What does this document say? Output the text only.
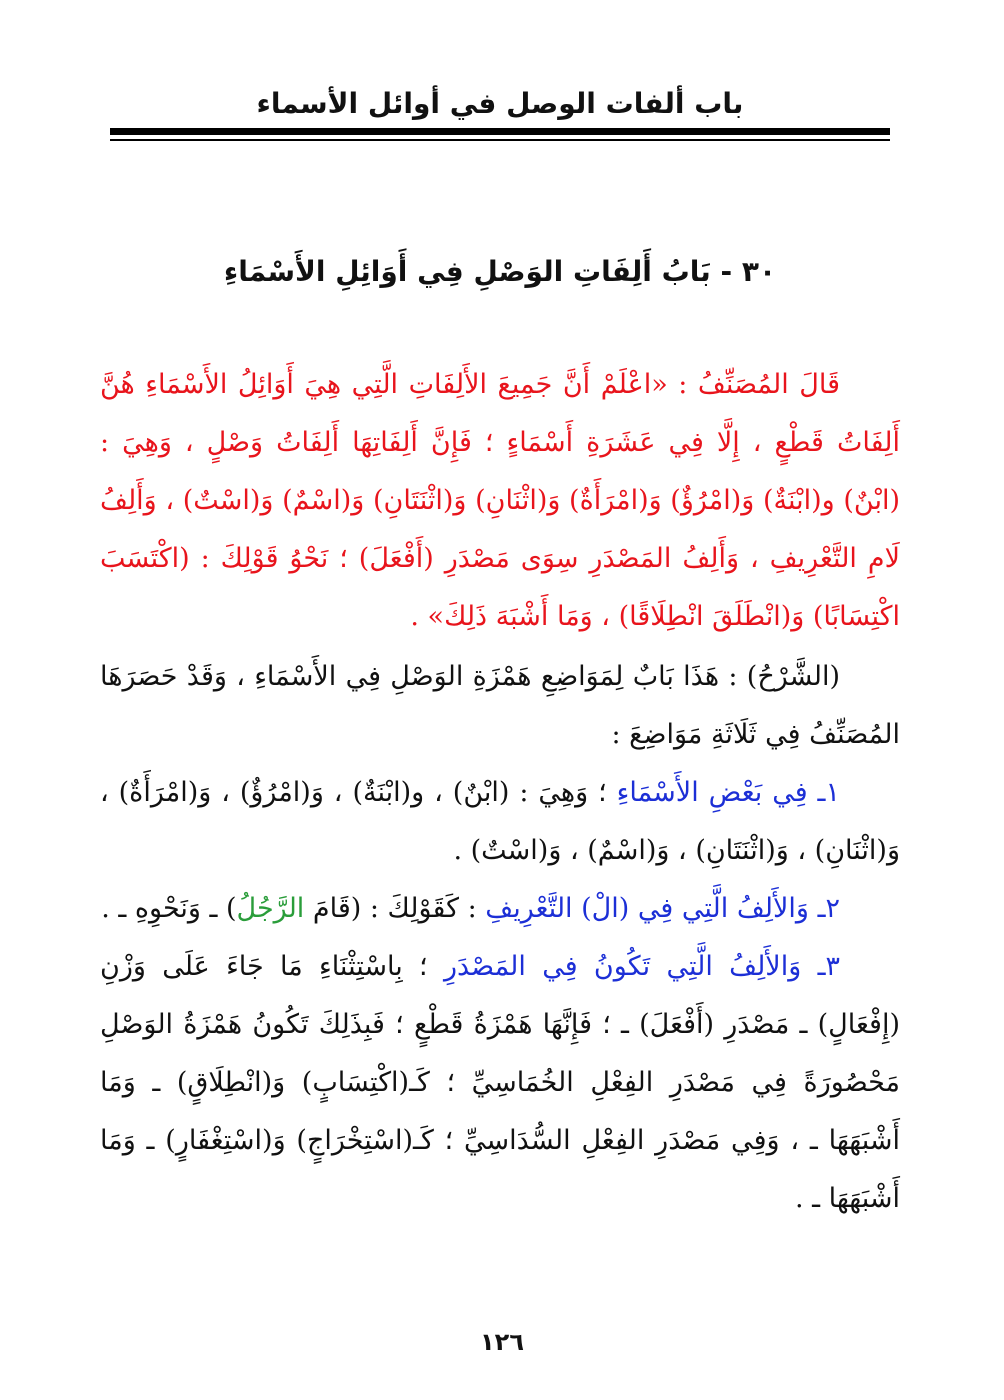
باب ألفات الوصل في أوائل الأسماء
٣٠ - بَابُ أَلِفَاتِ الوَصْلِ فِي أَوَائِلِ الأَسْمَاءِ

قَالَ المُصَنِّفُ : «اعْلَمْ أَنَّ جَمِيعَ الأَلِفَاتِ الَّتِي هِيَ أَوَائِلُ الأَسْمَاءِ هُنَّ أَلِفَاتُ قَطْعٍ ، إِلَّا فِي عَشَرَةِ أَسْمَاءٍ ؛ فَإِنَّ أَلِفَاتِهَا أَلِفَاتُ وَصْلٍ ، وَهِيَ : (ابْنٌ) و(ابْنَةٌ) وَ(امْرُؤٌ) وَ(امْرَأَةٌ) وَ(اثْنَانِ) وَ(اثْنَتَانِ) وَ(اسْمٌ) وَ(اسْتٌ) ، وَأَلِفُ لَامِ التَّعْرِيفِ ، وَأَلِفُ المَصْدَرِ سِوَى مَصْدَرِ (أَفْعَلَ) ؛ نَحْوُ قَوْلِكَ : (اكْتَسَبَ اكْتِسَابًا) وَ(انْطَلَقَ انْطِلَاقًا) ، وَمَا أَشْبَهَ ذَلِكَ» .

(الشَّرْحُ) : هَذَا بَابٌ لِمَوَاضِعِ هَمْزَةِ الوَصْلِ فِي الأَسْمَاءِ ، وَقَدْ حَصَرَهَا المُصَنِّفُ فِي ثَلَاثَةِ مَوَاضِعَ :

١ـ فِي بَعْضِ الأَسْمَاءِ ؛ وَهِيَ : (ابْنٌ) ، و(ابْنَةٌ) ، وَ(امْرُؤٌ) ، وَ(امْرَأَةٌ) ، وَ(اثْنَانِ) ، وَ(اثْنَتَانِ) ، وَ(اسْمٌ) ، وَ(اسْتٌ) .

٢ـ وَالأَلِفُ الَّتِي فِي (الْ) التَّعْرِيفِ : كَقَوْلِكَ : (قَامَ الرَّجُلُ) ـ وَنَحْوِهِ ـ .

٣ـ وَالأَلِفُ الَّتِي تَكُونُ فِي المَصْدَرِ ؛ بِاسْتِثْنَاءِ مَا جَاءَ عَلَى وَزْنِ (إِفْعَالٍ) ـ مَصْدَرِ (أَفْعَلَ) ـ ؛ فَإِنَّهَا هَمْزَةُ قَطْعٍ ؛ فَبِذَلِكَ تَكُونُ هَمْزَةُ الوَصْلِ مَحْصُورَةً فِي مَصْدَرِ الفِعْلِ الخُمَاسِيِّ ؛ كَـ(اكْتِسَابٍ) وَ(انْطِلَاقٍ) ـ وَمَا أَشْبَهَهَا ـ ، وَفِي مَصْدَرِ الفِعْلِ السُّدَاسِيِّ ؛ كَـ(اسْتِخْرَاجٍ) وَ(اسْتِغْفَارٍ) ـ وَمَا أَشْبَهَهَا ـ .

١٢٦
